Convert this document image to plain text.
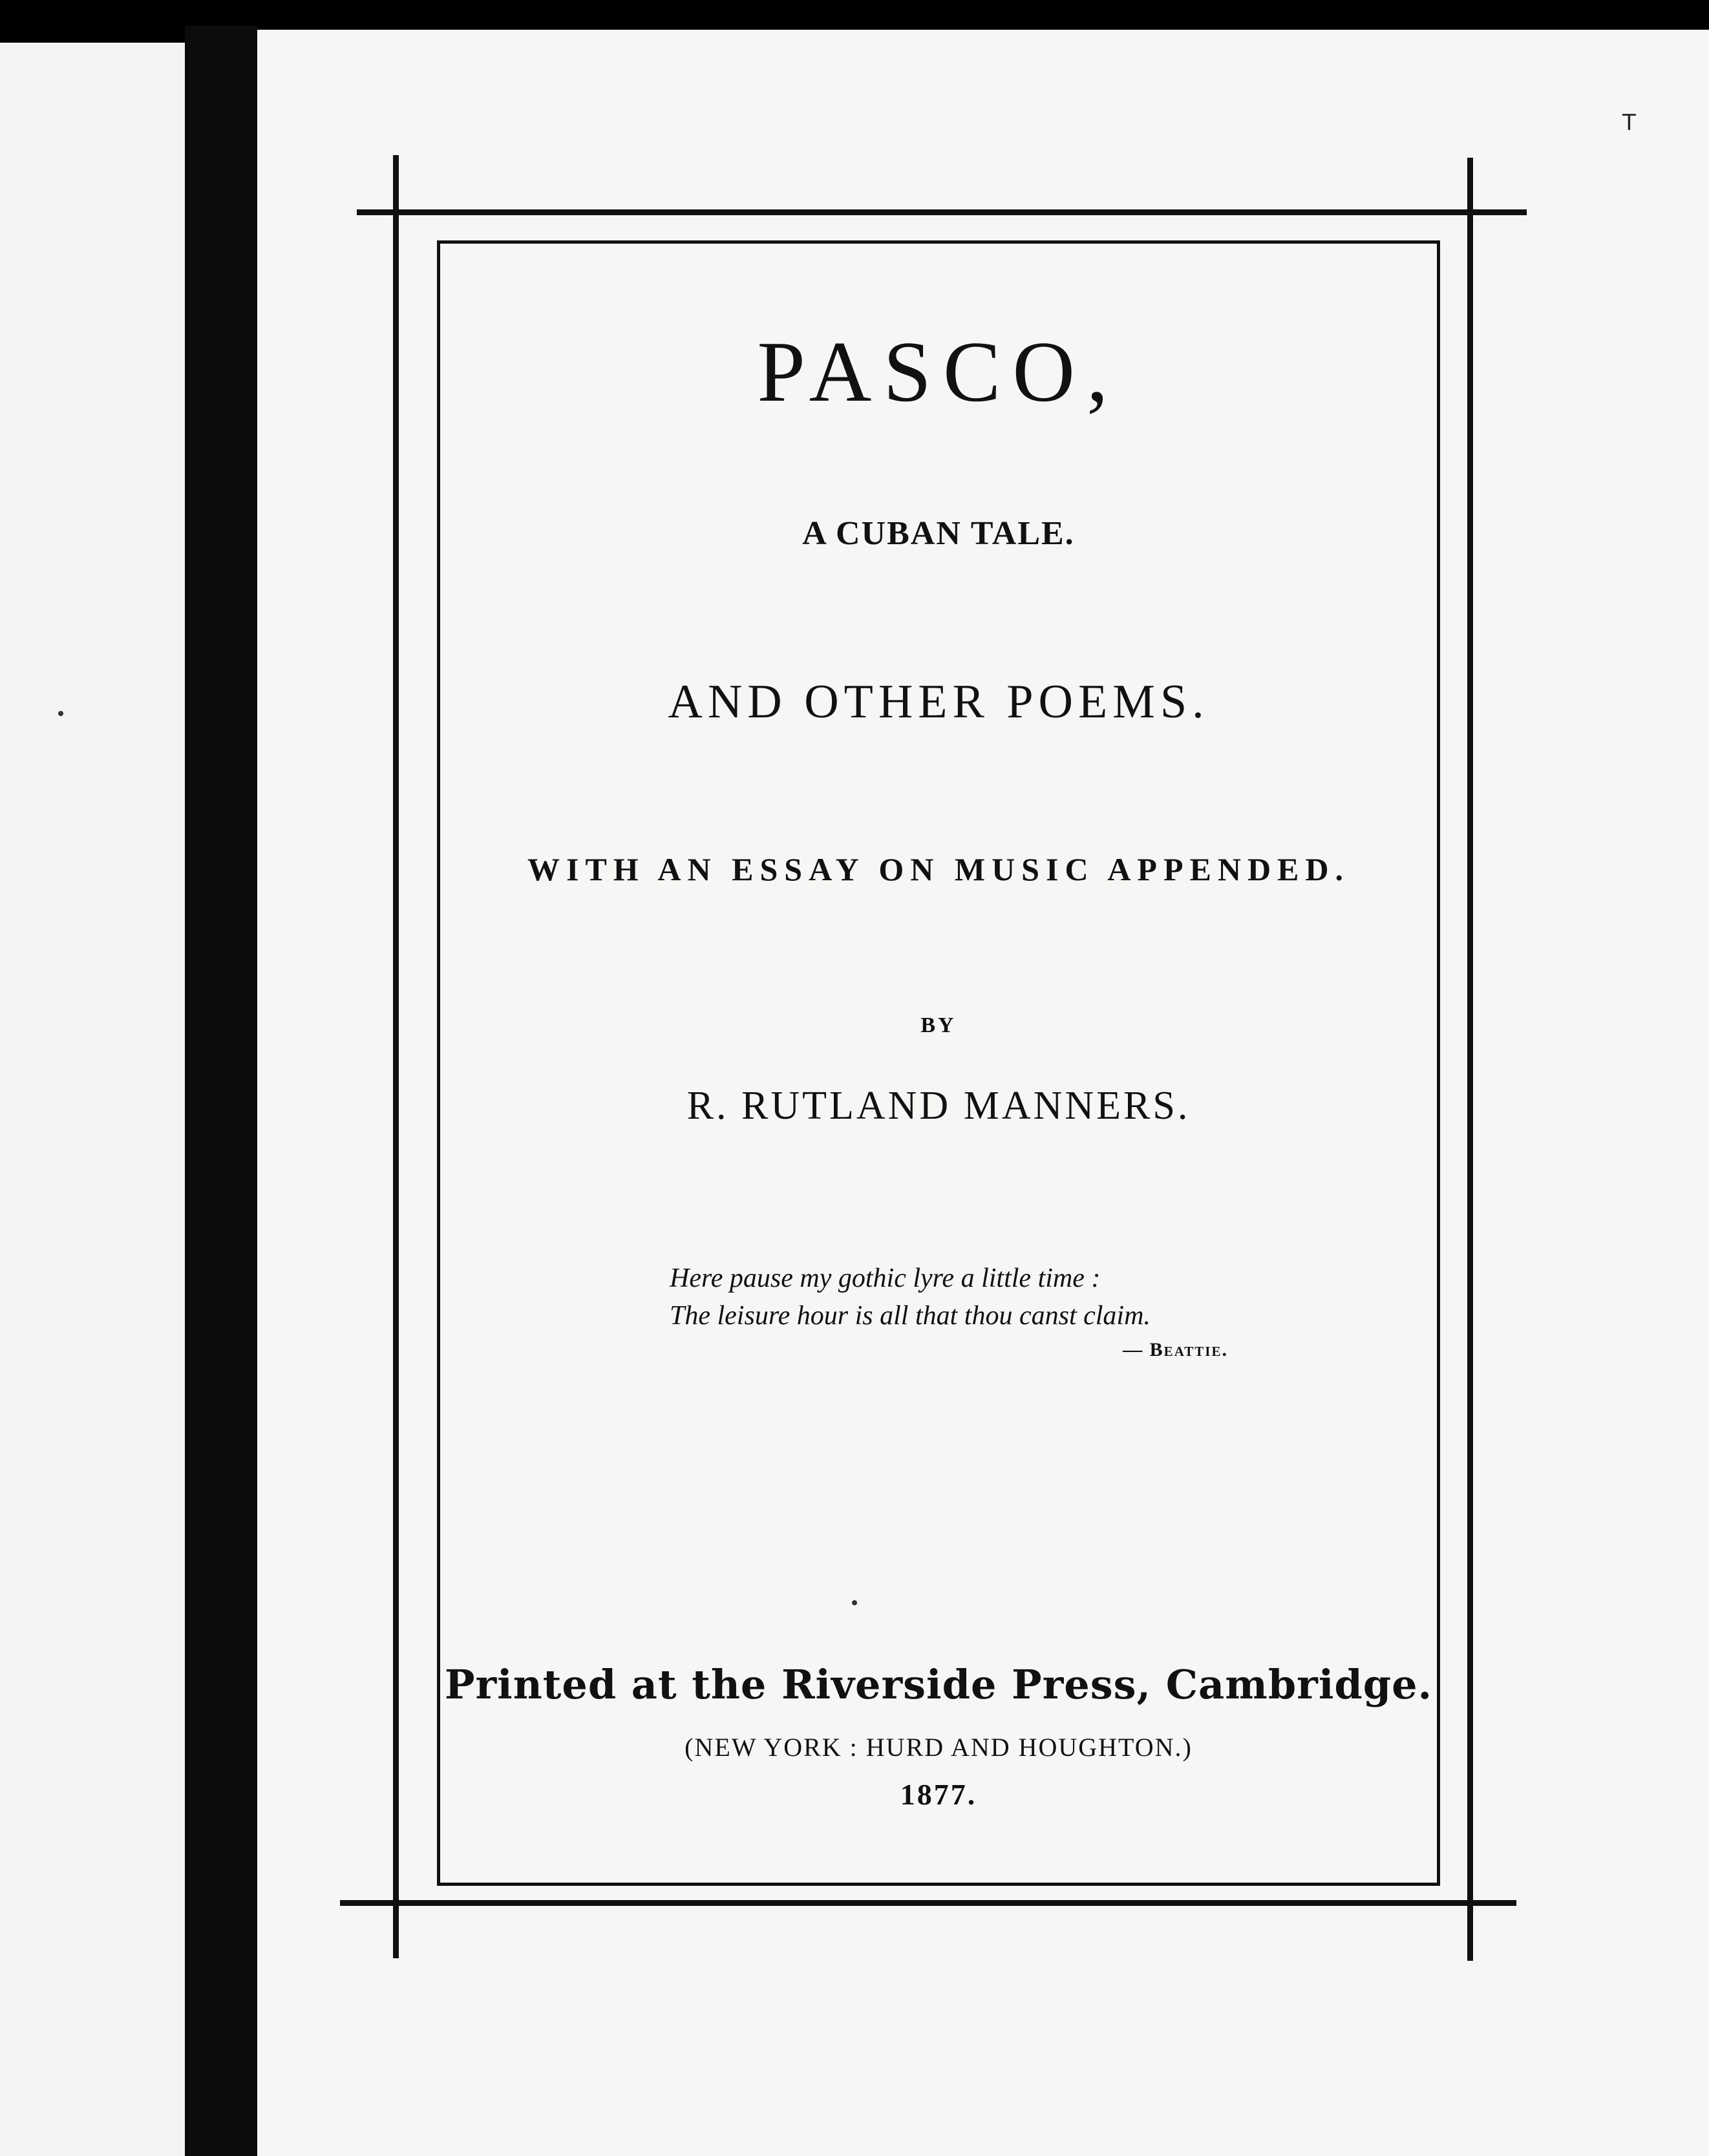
T
PASCO,
A CUBAN TALE.
AND OTHER POEMS.
WITH AN ESSAY ON MUSIC APPENDED.
BY
R. RUTLAND MANNERS.
Here pause my gothic lyre a little time :
The leisure hour is all that thou canst claim.
— Beattie.
Printed at the Riverside Press, Cambridge.
(NEW YORK : HURD AND HOUGHTON.)
1877.
